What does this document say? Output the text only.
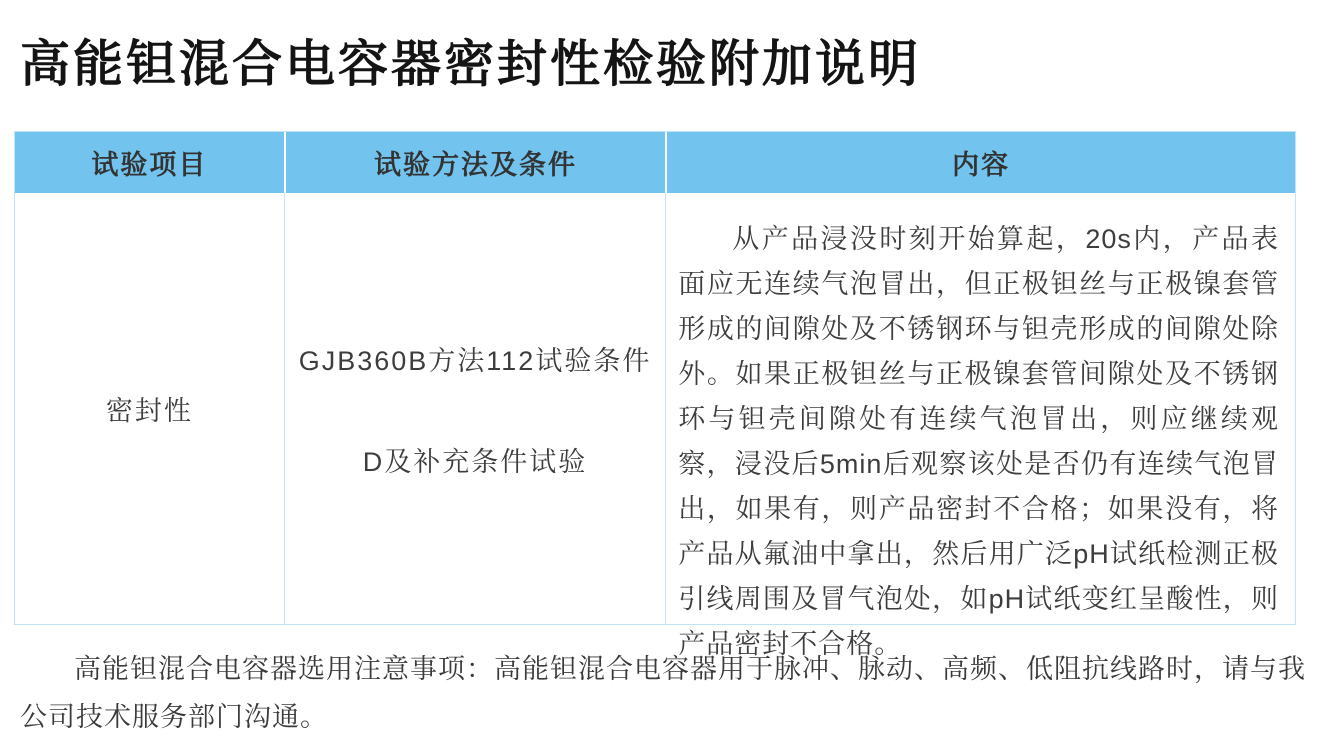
高能钽混合电容器密封性检验附加说明
试验项目	试验方法及条件	内容
密封性
GJB360B方法112试验条件
D及补充条件试验
从产品浸没时刻开始算起，20s内，产品表面应无连续气泡冒出，但正极钽丝与正极镍套管形成的间隙处及不锈钢环与钽壳形成的间隙处除外。如果正极钽丝与正极镍套管间隙处及不锈钢环与钽壳间隙处有连续气泡冒出，则应继续观察，浸没后5min后观察该处是否仍有连续气泡冒出，如果有，则产品密封不合格；如果没有，将产品从氟油中拿出，然后用广泛pH试纸检测正极引线周围及冒气泡处，如pH试纸变红呈酸性，则产品密封不合格。
高能钽混合电容器选用注意事项：高能钽混合电容器用于脉冲、脉动、高频、低阻抗线路时，请与我公司技术服务部门沟通。
